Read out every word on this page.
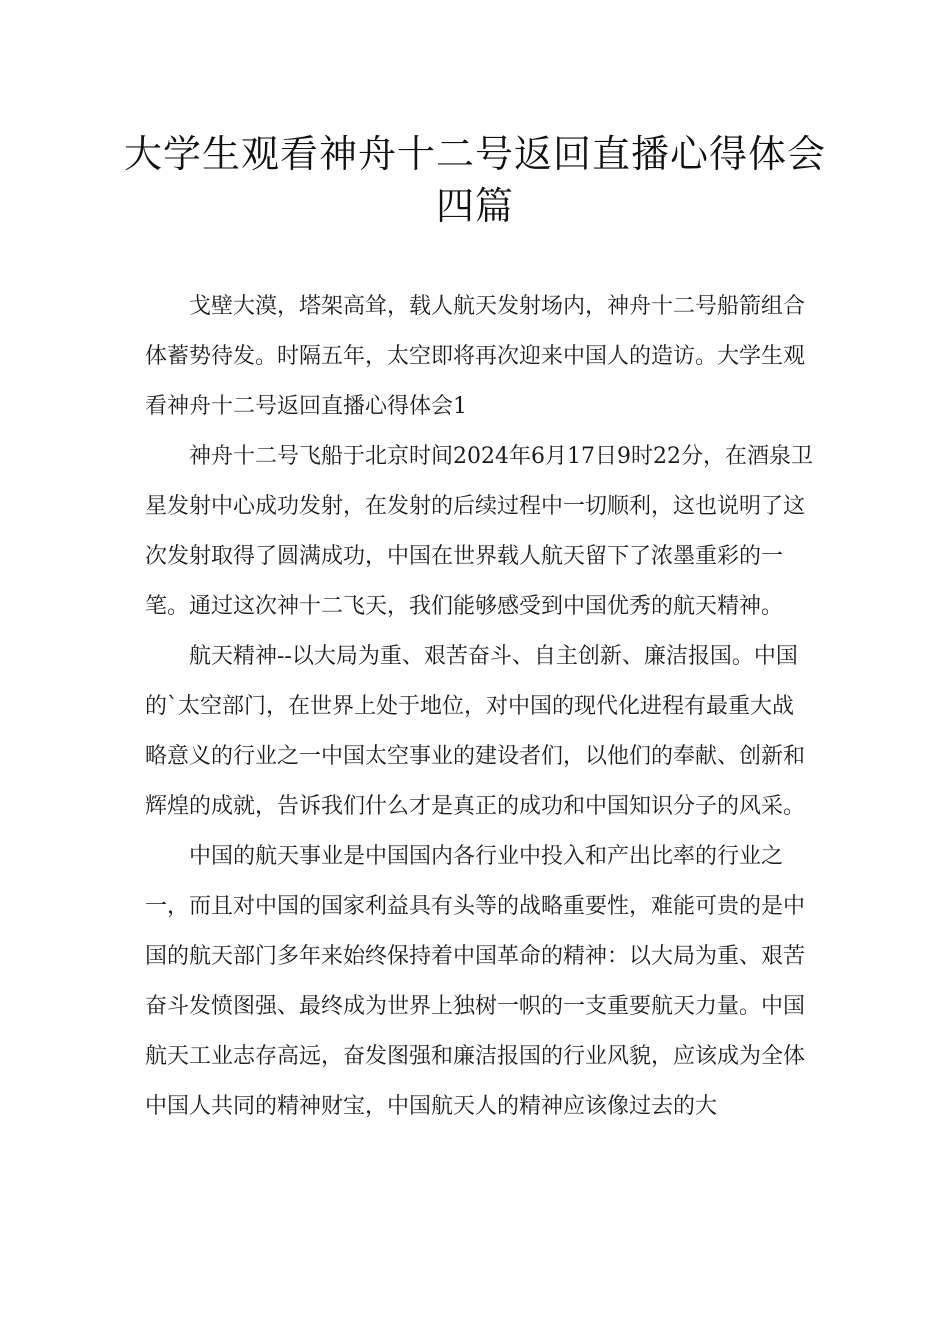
大学生观看神舟十二号返回直播心得体会四篇

戈壁大漠，塔架高耸，载人航天发射场内，神舟十二号船箭组合体蓄势待发。时隔五年，太空即将再次迎来中国人的造访。大学生观看神舟十二号返回直播心得体会1

神舟十二号飞船于北京时间2024年6月17日9时22分，在酒泉卫星发射中心成功发射，在发射的后续过程中一切顺利，这也说明了这次发射取得了圆满成功，中国在世界载人航天留下了浓墨重彩的一笔。通过这次神十二飞天，我们能够感受到中国优秀的航天精神。

航天精神--以大局为重、艰苦奋斗、自主创新、廉洁报国。中国的`太空部门，在世界上处于地位，对中国的现代化进程有最重大战略意义的行业之一中国太空事业的建设者们，以他们的奉献、创新和辉煌的成就，告诉我们什么才是真正的成功和中国知识分子的风采。

中国的航天事业是中国国内各行业中投入和产出比率的行业之一，而且对中国的国家利益具有头等的战略重要性，难能可贵的是中国的航天部门多年来始终保持着中国革命的精神：以大局为重、艰苦奋斗发愤图强、最终成为世界上独树一帜的一支重要航天力量。中国航天工业志存高远，奋发图强和廉洁报国的行业风貌，应该成为全体中国人共同的精神财宝，中国航天人的精神应该像过去的大
